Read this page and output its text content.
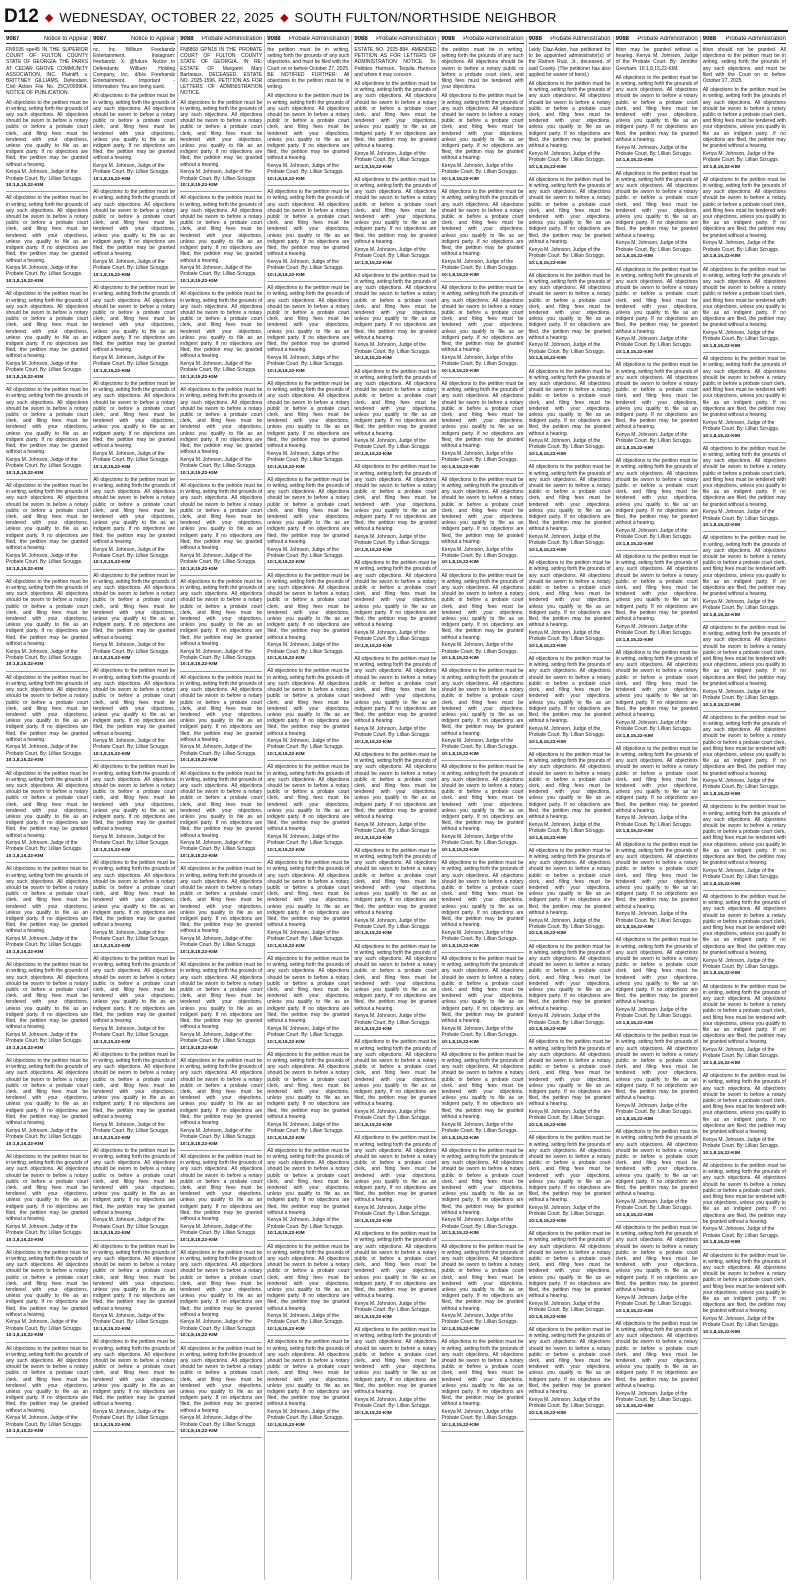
D12 ◆ WEDNESDAY, OCTOBER 22, 2025 ◆ SOUTH FULTON/NORTHSIDE NEIGHBOR
9087	Notice to Appear

FN9195 spe45 IN THE SUPERIOR COURT OF FULTON COUNTY STATE OF GEORGIA. THE PARKS AT CEDAR GROVE COMMUNITY ASSOCIATION, INC. Plaintiff, v. BRITTNEY GILLIAMS, Defendant. Civil Action File No. 25CV009904. NOTICE OF PUBLICATION.

All objections to the petition must be in writing, setting forth the grounds of any such objections. All objections should be sworn to before a notary public or before a probate court clerk, and filing fees must be tendered with your objections, unless you qualify to file as an indigent party. If no objections are filed, the petition may be granted without a hearing.

Kenya M. Johnson, Judge of the Probate Court. By: Lillian Scruggs.

10:1,8,15,22-KIM

All objections to the petition must be in writing, setting forth the grounds of any such objections. All objections should be sworn to before a notary public or before a probate court clerk, and filing fees must be tendered with your objections, unless you qualify to file as an indigent party. If no objections are filed, the petition may be granted without a hearing.

Kenya M. Johnson, Judge of the Probate Court. By: Lillian Scruggs.

10:1,8,15,22-KIM

All objections to the petition must be in writing, setting forth the grounds of any such objections. All objections should be sworn to before a notary public or before a probate court clerk, and filing fees must be tendered with your objections, unless you qualify to file as an indigent party. If no objections are filed, the petition may be granted without a hearing.

Kenya M. Johnson, Judge of the Probate Court. By: Lillian Scruggs.

10:1,8,15,22-KIM

All objections to the petition must be in writing, setting forth the grounds of any such objections. All objections should be sworn to before a notary public or before a probate court clerk, and filing fees must be tendered with your objections, unless you qualify to file as an indigent party. If no objections are filed, the petition may be granted without a hearing.

Kenya M. Johnson, Judge of the Probate Court. By: Lillian Scruggs.

10:1,8,15,22-KIM

All objections to the petition must be in writing, setting forth the grounds of any such objections. All objections should be sworn to before a notary public or before a probate court clerk, and filing fees must be tendered with your objections, unless you qualify to file as an indigent party. If no objections are filed, the petition may be granted without a hearing.

Kenya M. Johnson, Judge of the Probate Court. By: Lillian Scruggs.

10:1,8,15,22-KIM

All objections to the petition must be in writing, setting forth the grounds of any such objections. All objections should be sworn to before a notary public or before a probate court clerk, and filing fees must be tendered with your objections, unless you qualify to file as an indigent party. If no objections are filed, the petition may be granted without a hearing.

Kenya M. Johnson, Judge of the Probate Court. By: Lillian Scruggs.

10:1,8,15,22-KIM

All objections to the petition must be in writing, setting forth the grounds of any such objections. All objections should be sworn to before a notary public or before a probate court clerk, and filing fees must be tendered with your objections, unless you qualify to file as an indigent party. If no objections are filed, the petition may be granted without a hearing.

Kenya M. Johnson, Judge of the Probate Court. By: Lillian Scruggs.

10:1,8,15,22-KIM

All objections to the petition must be in writing, setting forth the grounds of any such objections. All objections should be sworn to before a notary public or before a probate court clerk, and filing fees must be tendered with your objections, unless you qualify to file as an indigent party. If no objections are filed, the petition may be granted without a hearing.

Kenya M. Johnson, Judge of the Probate Court. By: Lillian Scruggs.

10:1,8,15,22-KIM

All objections to the petition must be in writing, setting forth the grounds of any such objections. All objections should be sworn to before a notary public or before a probate court clerk, and filing fees must be tendered with your objections, unless you qualify to file as an indigent party. If no objections are filed, the petition may be granted without a hearing.

Kenya M. Johnson, Judge of the Probate Court. By: Lillian Scruggs.

10:1,8,15,22-KIM

All objections to the petition must be in writing, setting forth the grounds of any such objections. All objections should be sworn to before a notary public or before a probate court clerk, and filing fees must be tendered with your objections, unless you qualify to file as an indigent party. If no objections are filed, the petition may be granted without a hearing.

Kenya M. Johnson, Judge of the Probate Court. By: Lillian Scruggs.

10:1,8,15,22-KIM

All objections to the petition must be in writing, setting forth the grounds of any such objections. All objections should be sworn to before a notary public or before a probate court clerk, and filing fees must be tendered with your objections, unless you qualify to file as an indigent party. If no objections are filed, the petition may be granted without a hearing.

Kenya M. Johnson, Judge of the Probate Court. By: Lillian Scruggs.

10:1,8,15,22-KIM

All objections to the petition must be in writing, setting forth the grounds of any such objections. All objections should be sworn to before a notary public or before a probate court clerk, and filing fees must be tendered with your objections, unless you qualify to file as an indigent party. If no objections are filed, the petition may be granted without a hearing.

Kenya M. Johnson, Judge of the Probate Court. By: Lillian Scruggs.

10:1,8,15,22-KIM

All objections to the petition must be in writing, setting forth the grounds of any such objections. All objections should be sworn to before a notary public or before a probate court clerk, and filing fees must be tendered with your objections, unless you qualify to file as an indigent party. If no objections are filed, the petition may be granted without a hearing.

Kenya M. Johnson, Judge of the Probate Court. By: Lillian Scruggs.

10:1,8,15,22-KIM

All objections to the petition must be in writing, setting forth the grounds of any such objections. All objections should be sworn to before a notary public or before a probate court clerk, and filing fees must be tendered with your objections, unless you qualify to file as an indigent party. If no objections are filed, the petition may be granted without a hearing.

Kenya M. Johnson, Judge of the Probate Court. By: Lillian Scruggs.

10:1,8,15,22-KIM

9087	Notice to Appear

nc, Inc. Wilburn Freebandz Entertainment. Instagram: freebandz. X: @future. Notice to Defendants Wilburn Holding Company, Inc. d/b/a Freebandz Entertainment. Important - Information: You are being sued.

All objections to the petition must be in writing, setting forth the grounds of any such objections. All objections should be sworn to before a notary public or before a probate court clerk, and filing fees must be tendered with your objections, unless you qualify to file as an indigent party. If no objections are filed, the petition may be granted without a hearing.

Kenya M. Johnson, Judge of the Probate Court. By: Lillian Scruggs.

10:1,8,15,22-KIM

All objections to the petition must be in writing, setting forth the grounds of any such objections. All objections should be sworn to before a notary public or before a probate court clerk, and filing fees must be tendered with your objections, unless you qualify to file as an indigent party. If no objections are filed, the petition may be granted without a hearing.

Kenya M. Johnson, Judge of the Probate Court. By: Lillian Scruggs.

10:1,8,15,22-KIM

All objections to the petition must be in writing, setting forth the grounds of any such objections. All objections should be sworn to before a notary public or before a probate court clerk, and filing fees must be tendered with your objections, unless you qualify to file as an indigent party. If no objections are filed, the petition may be granted without a hearing.

Kenya M. Johnson, Judge of the Probate Court. By: Lillian Scruggs.

10:1,8,15,22-KIM

All objections to the petition must be in writing, setting forth the grounds of any such objections. All objections should be sworn to before a notary public or before a probate court clerk, and filing fees must be tendered with your objections, unless you qualify to file as an indigent party. If no objections are filed, the petition may be granted without a hearing.

Kenya M. Johnson, Judge of the Probate Court. By: Lillian Scruggs.

10:1,8,15,22-KIM

All objections to the petition must be in writing, setting forth the grounds of any such objections. All objections should be sworn to before a notary public or before a probate court clerk, and filing fees must be tendered with your objections, unless you qualify to file as an indigent party. If no objections are filed, the petition may be granted without a hearing.

Kenya M. Johnson, Judge of the Probate Court. By: Lillian Scruggs.

10:1,8,15,22-KIM

All objections to the petition must be in writing, setting forth the grounds of any such objections. All objections should be sworn to before a notary public or before a probate court clerk, and filing fees must be tendered with your objections, unless you qualify to file as an indigent party. If no objections are filed, the petition may be granted without a hearing.

Kenya M. Johnson, Judge of the Probate Court. By: Lillian Scruggs.

10:1,8,15,22-KIM

All objections to the petition must be in writing, setting forth the grounds of any such objections. All objections should be sworn to before a notary public or before a probate court clerk, and filing fees must be tendered with your objections, unless you qualify to file as an indigent party. If no objections are filed, the petition may be granted without a hearing.

Kenya M. Johnson, Judge of the Probate Court. By: Lillian Scruggs.

10:1,8,15,22-KIM

All objections to the petition must be in writing, setting forth the grounds of any such objections. All objections should be sworn to before a notary public or before a probate court clerk, and filing fees must be tendered with your objections, unless you qualify to file as an indigent party. If no objections are filed, the petition may be granted without a hearing.

Kenya M. Johnson, Judge of the Probate Court. By: Lillian Scruggs.

10:1,8,15,22-KIM

All objections to the petition must be in writing, setting forth the grounds of any such objections. All objections should be sworn to before a notary public or before a probate court clerk, and filing fees must be tendered with your objections, unless you qualify to file as an indigent party. If no objections are filed, the petition may be granted without a hearing.

Kenya M. Johnson, Judge of the Probate Court. By: Lillian Scruggs.

10:1,8,15,22-KIM

All objections to the petition must be in writing, setting forth the grounds of any such objections. All objections should be sworn to before a notary public or before a probate court clerk, and filing fees must be tendered with your objections, unless you qualify to file as an indigent party. If no objections are filed, the petition may be granted without a hearing.

Kenya M. Johnson, Judge of the Probate Court. By: Lillian Scruggs.

10:1,8,15,22-KIM

All objections to the petition must be in writing, setting forth the grounds of any such objections. All objections should be sworn to before a notary public or before a probate court clerk, and filing fees must be tendered with your objections, unless you qualify to file as an indigent party. If no objections are filed, the petition may be granted without a hearing.

Kenya M. Johnson, Judge of the Probate Court. By: Lillian Scruggs.

10:1,8,15,22-KIM

All objections to the petition must be in writing, setting forth the grounds of any such objections. All objections should be sworn to before a notary public or before a probate court clerk, and filing fees must be tendered with your objections, unless you qualify to file as an indigent party. If no objections are filed, the petition may be granted without a hearing.

Kenya M. Johnson, Judge of the Probate Court. By: Lillian Scruggs.

10:1,8,15,22-KIM

All objections to the petition must be in writing, setting forth the grounds of any such objections. All objections should be sworn to before a notary public or before a probate court clerk, and filing fees must be tendered with your objections, unless you qualify to file as an indigent party. If no objections are filed, the petition may be granted without a hearing.

Kenya M. Johnson, Judge of the Probate Court. By: Lillian Scruggs.

10:1,8,15,22-KIM

All objections to the petition must be in writing, setting forth the grounds of any such objections. All objections should be sworn to before a notary public or before a probate court clerk, and filing fees must be tendered with your objections, unless you qualify to file as an indigent party. If no objections are filed, the petition may be granted without a hearing.

Kenya M. Johnson, Judge of the Probate Court. By: Lillian Scruggs.

10:1,8,15,22-KIM

9088 Probate Administration

FN8868 GPN18 IN THE PROBATE COURT OF FULTON COUNTY STATE OF GEORGIA. IN RE: ESTATE OF Margaret Mary Barbeaux, DECEASED. ESTATE NO. 2025-1596. PETITION AS FOR LETTERS OF ADMINISTRATION NOTICE.

All objections to the petition must be in writing, setting forth the grounds of any such objections. All objections should be sworn to before a notary public or before a probate court clerk, and filing fees must be tendered with your objections, unless you qualify to file as an indigent party. If no objections are filed, the petition may be granted without a hearing.

Kenya M. Johnson, Judge of the Probate Court. By: Lillian Scruggs.

10:1,8,15,22-KIM

All objections to the petition must be in writing, setting forth the grounds of any such objections. All objections should be sworn to before a notary public or before a probate court clerk, and filing fees must be tendered with your objections, unless you qualify to file as an indigent party. If no objections are filed, the petition may be granted without a hearing.

Kenya M. Johnson, Judge of the Probate Court. By: Lillian Scruggs.

10:1,8,15,22-KIM

All objections to the petition must be in writing, setting forth the grounds of any such objections. All objections should be sworn to before a notary public or before a probate court clerk, and filing fees must be tendered with your objections, unless you qualify to file as an indigent party. If no objections are filed, the petition may be granted without a hearing.

Kenya M. Johnson, Judge of the Probate Court. By: Lillian Scruggs.

10:1,8,15,22-KIM

All objections to the petition must be in writing, setting forth the grounds of any such objections. All objections should be sworn to before a notary public or before a probate court clerk, and filing fees must be tendered with your objections, unless you qualify to file as an indigent party. If no objections are filed, the petition may be granted without a hearing.

Kenya M. Johnson, Judge of the Probate Court. By: Lillian Scruggs.

10:1,8,15,22-KIM

All objections to the petition must be in writing, setting forth the grounds of any such objections. All objections should be sworn to before a notary public or before a probate court clerk, and filing fees must be tendered with your objections, unless you qualify to file as an indigent party. If no objections are filed, the petition may be granted without a hearing.

Kenya M. Johnson, Judge of the Probate Court. By: Lillian Scruggs.

10:1,8,15,22-KIM

All objections to the petition must be in writing, setting forth the grounds of any such objections. All objections should be sworn to before a notary public or before a probate court clerk, and filing fees must be tendered with your objections, unless you qualify to file as an indigent party. If no objections are filed, the petition may be granted without a hearing.

Kenya M. Johnson, Judge of the Probate Court. By: Lillian Scruggs.

10:1,8,15,22-KIM

All objections to the petition must be in writing, setting forth the grounds of any such objections. All objections should be sworn to before a notary public or before a probate court clerk, and filing fees must be tendered with your objections, unless you qualify to file as an indigent party. If no objections are filed, the petition may be granted without a hearing.

Kenya M. Johnson, Judge of the Probate Court. By: Lillian Scruggs.

10:1,8,15,22-KIM

All objections to the petition must be in writing, setting forth the grounds of any such objections. All objections should be sworn to before a notary public or before a probate court clerk, and filing fees must be tendered with your objections, unless you qualify to file as an indigent party. If no objections are filed, the petition may be granted without a hearing.

Kenya M. Johnson, Judge of the Probate Court. By: Lillian Scruggs.

10:1,8,15,22-KIM

All objections to the petition must be in writing, setting forth the grounds of any such objections. All objections should be sworn to before a notary public or before a probate court clerk, and filing fees must be tendered with your objections, unless you qualify to file as an indigent party. If no objections are filed, the petition may be granted without a hearing.

Kenya M. Johnson, Judge of the Probate Court. By: Lillian Scruggs.

10:1,8,15,22-KIM

All objections to the petition must be in writing, setting forth the grounds of any such objections. All objections should be sworn to before a notary public or before a probate court clerk, and filing fees must be tendered with your objections, unless you qualify to file as an indigent party. If no objections are filed, the petition may be granted without a hearing.

Kenya M. Johnson, Judge of the Probate Court. By: Lillian Scruggs.

10:1,8,15,22-KIM

All objections to the petition must be in writing, setting forth the grounds of any such objections. All objections should be sworn to before a notary public or before a probate court clerk, and filing fees must be tendered with your objections, unless you qualify to file as an indigent party. If no objections are filed, the petition may be granted without a hearing.

Kenya M. Johnson, Judge of the Probate Court. By: Lillian Scruggs.

10:1,8,15,22-KIM

All objections to the petition must be in writing, setting forth the grounds of any such objections. All objections should be sworn to before a notary public or before a probate court clerk, and filing fees must be tendered with your objections, unless you qualify to file as an indigent party. If no objections are filed, the petition may be granted without a hearing.

Kenya M. Johnson, Judge of the Probate Court. By: Lillian Scruggs.

10:1,8,15,22-KIM

All objections to the petition must be in writing, setting forth the grounds of any such objections. All objections should be sworn to before a notary public or before a probate court clerk, and filing fees must be tendered with your objections, unless you qualify to file as an indigent party. If no objections are filed, the petition may be granted without a hearing.

Kenya M. Johnson, Judge of the Probate Court. By: Lillian Scruggs.

10:1,8,15,22-KIM

All objections to the petition must be in writing, setting forth the grounds of any such objections. All objections should be sworn to before a notary public or before a probate court clerk, and filing fees must be tendered with your objections, unless you qualify to file as an indigent party. If no objections are filed, the petition may be granted without a hearing.

Kenya M. Johnson, Judge of the Probate Court. By: Lillian Scruggs.

10:1,8,15,22-KIM

9088 Probate Administration

the petition must be in writing, setting forth the grounds of any such objections, and must be filed with the Court on or before October 27, 2025. BE NOTIFIED FURTHER: All objections to the petition must be in writing.

All objections to the petition must be in writing, setting forth the grounds of any such objections. All objections should be sworn to before a notary public or before a probate court clerk, and filing fees must be tendered with your objections, unless you qualify to file as an indigent party. If no objections are filed, the petition may be granted without a hearing.

Kenya M. Johnson, Judge of the Probate Court. By: Lillian Scruggs.

10:1,8,15,22-KIM

All objections to the petition must be in writing, setting forth the grounds of any such objections. All objections should be sworn to before a notary public or before a probate court clerk, and filing fees must be tendered with your objections, unless you qualify to file as an indigent party. If no objections are filed, the petition may be granted without a hearing.

Kenya M. Johnson, Judge of the Probate Court. By: Lillian Scruggs.

10:1,8,15,22-KIM

All objections to the petition must be in writing, setting forth the grounds of any such objections. All objections should be sworn to before a notary public or before a probate court clerk, and filing fees must be tendered with your objections, unless you qualify to file as an indigent party. If no objections are filed, the petition may be granted without a hearing.

Kenya M. Johnson, Judge of the Probate Court. By: Lillian Scruggs.

10:1,8,15,22-KIM

All objections to the petition must be in writing, setting forth the grounds of any such objections. All objections should be sworn to before a notary public or before a probate court clerk, and filing fees must be tendered with your objections, unless you qualify to file as an indigent party. If no objections are filed, the petition may be granted without a hearing.

Kenya M. Johnson, Judge of the Probate Court. By: Lillian Scruggs.

10:1,8,15,22-KIM

All objections to the petition must be in writing, setting forth the grounds of any such objections. All objections should be sworn to before a notary public or before a probate court clerk, and filing fees must be tendered with your objections, unless you qualify to file as an indigent party. If no objections are filed, the petition may be granted without a hearing.

Kenya M. Johnson, Judge of the Probate Court. By: Lillian Scruggs.

10:1,8,15,22-KIM

All objections to the petition must be in writing, setting forth the grounds of any such objections. All objections should be sworn to before a notary public or before a probate court clerk, and filing fees must be tendered with your objections, unless you qualify to file as an indigent party. If no objections are filed, the petition may be granted without a hearing.

Kenya M. Johnson, Judge of the Probate Court. By: Lillian Scruggs.

10:1,8,15,22-KIM

All objections to the petition must be in writing, setting forth the grounds of any such objections. All objections should be sworn to before a notary public or before a probate court clerk, and filing fees must be tendered with your objections, unless you qualify to file as an indigent party. If no objections are filed, the petition may be granted without a hearing.

Kenya M. Johnson, Judge of the Probate Court. By: Lillian Scruggs.

10:1,8,15,22-KIM

All objections to the petition must be in writing, setting forth the grounds of any such objections. All objections should be sworn to before a notary public or before a probate court clerk, and filing fees must be tendered with your objections, unless you qualify to file as an indigent party. If no objections are filed, the petition may be granted without a hearing.

Kenya M. Johnson, Judge of the Probate Court. By: Lillian Scruggs.

10:1,8,15,22-KIM

All objections to the petition must be in writing, setting forth the grounds of any such objections. All objections should be sworn to before a notary public or before a probate court clerk, and filing fees must be tendered with your objections, unless you qualify to file as an indigent party. If no objections are filed, the petition may be granted without a hearing.

Kenya M. Johnson, Judge of the Probate Court. By: Lillian Scruggs.

10:1,8,15,22-KIM

All objections to the petition must be in writing, setting forth the grounds of any such objections. All objections should be sworn to before a notary public or before a probate court clerk, and filing fees must be tendered with your objections, unless you qualify to file as an indigent party. If no objections are filed, the petition may be granted without a hearing.

Kenya M. Johnson, Judge of the Probate Court. By: Lillian Scruggs.

10:1,8,15,22-KIM

All objections to the petition must be in writing, setting forth the grounds of any such objections. All objections should be sworn to before a notary public or before a probate court clerk, and filing fees must be tendered with your objections, unless you qualify to file as an indigent party. If no objections are filed, the petition may be granted without a hearing.

Kenya M. Johnson, Judge of the Probate Court. By: Lillian Scruggs.

10:1,8,15,22-KIM

All objections to the petition must be in writing, setting forth the grounds of any such objections. All objections should be sworn to before a notary public or before a probate court clerk, and filing fees must be tendered with your objections, unless you qualify to file as an indigent party. If no objections are filed, the petition may be granted without a hearing.

Kenya M. Johnson, Judge of the Probate Court. By: Lillian Scruggs.

10:1,8,15,22-KIM

All objections to the petition must be in writing, setting forth the grounds of any such objections. All objections should be sworn to before a notary public or before a probate court clerk, and filing fees must be tendered with your objections, unless you qualify to file as an indigent party. If no objections are filed, the petition may be granted without a hearing.

Kenya M. Johnson, Judge of the Probate Court. By: Lillian Scruggs.

10:1,8,15,22-KIM

All objections to the petition must be in writing, setting forth the grounds of any such objections. All objections should be sworn to before a notary public or before a probate court clerk, and filing fees must be tendered with your objections, unless you qualify to file as an indigent party. If no objections are filed, the petition may be granted without a hearing.

Kenya M. Johnson, Judge of the Probate Court. By: Lillian Scruggs.

10:1,8,15,22-KIM

9088 Probate Administration

ESTATE NO. 2025-884. AMENDED PETITION AS FOR LETTERS OF ADMINISTRATION NOTICE. To: Pebbles Harrison, Tequila Harrison and whom it may concern.

All objections to the petition must be in writing, setting forth the grounds of any such objections. All objections should be sworn to before a notary public or before a probate court clerk, and filing fees must be tendered with your objections, unless you qualify to file as an indigent party. If no objections are filed, the petition may be granted without a hearing.

Kenya M. Johnson, Judge of the Probate Court. By: Lillian Scruggs.

10:1,8,15,22-KIM

All objections to the petition must be in writing, setting forth the grounds of any such objections. All objections should be sworn to before a notary public or before a probate court clerk, and filing fees must be tendered with your objections, unless you qualify to file as an indigent party. If no objections are filed, the petition may be granted without a hearing.

Kenya M. Johnson, Judge of the Probate Court. By: Lillian Scruggs.

10:1,8,15,22-KIM

All objections to the petition must be in writing, setting forth the grounds of any such objections. All objections should be sworn to before a notary public or before a probate court clerk, and filing fees must be tendered with your objections, unless you qualify to file as an indigent party. If no objections are filed, the petition may be granted without a hearing.

Kenya M. Johnson, Judge of the Probate Court. By: Lillian Scruggs.

10:1,8,15,22-KIM

All objections to the petition must be in writing, setting forth the grounds of any such objections. All objections should be sworn to before a notary public or before a probate court clerk, and filing fees must be tendered with your objections, unless you qualify to file as an indigent party. If no objections are filed, the petition may be granted without a hearing.

Kenya M. Johnson, Judge of the Probate Court. By: Lillian Scruggs.

10:1,8,15,22-KIM

All objections to the petition must be in writing, setting forth the grounds of any such objections. All objections should be sworn to before a notary public or before a probate court clerk, and filing fees must be tendered with your objections, unless you qualify to file as an indigent party. If no objections are filed, the petition may be granted without a hearing.

Kenya M. Johnson, Judge of the Probate Court. By: Lillian Scruggs.

10:1,8,15,22-KIM

All objections to the petition must be in writing, setting forth the grounds of any such objections. All objections should be sworn to before a notary public or before a probate court clerk, and filing fees must be tendered with your objections, unless you qualify to file as an indigent party. If no objections are filed, the petition may be granted without a hearing.

Kenya M. Johnson, Judge of the Probate Court. By: Lillian Scruggs.

10:1,8,15,22-KIM

All objections to the petition must be in writing, setting forth the grounds of any such objections. All objections should be sworn to before a notary public or before a probate court clerk, and filing fees must be tendered with your objections, unless you qualify to file as an indigent party. If no objections are filed, the petition may be granted without a hearing.

Kenya M. Johnson, Judge of the Probate Court. By: Lillian Scruggs.

10:1,8,15,22-KIM

All objections to the petition must be in writing, setting forth the grounds of any such objections. All objections should be sworn to before a notary public or before a probate court clerk, and filing fees must be tendered with your objections, unless you qualify to file as an indigent party. If no objections are filed, the petition may be granted without a hearing.

Kenya M. Johnson, Judge of the Probate Court. By: Lillian Scruggs.

10:1,8,15,22-KIM

All objections to the petition must be in writing, setting forth the grounds of any such objections. All objections should be sworn to before a notary public or before a probate court clerk, and filing fees must be tendered with your objections, unless you qualify to file as an indigent party. If no objections are filed, the petition may be granted without a hearing.

Kenya M. Johnson, Judge of the Probate Court. By: Lillian Scruggs.

10:1,8,15,22-KIM

All objections to the petition must be in writing, setting forth the grounds of any such objections. All objections should be sworn to before a notary public or before a probate court clerk, and filing fees must be tendered with your objections, unless you qualify to file as an indigent party. If no objections are filed, the petition may be granted without a hearing.

Kenya M. Johnson, Judge of the Probate Court. By: Lillian Scruggs.

10:1,8,15,22-KIM

All objections to the petition must be in writing, setting forth the grounds of any such objections. All objections should be sworn to before a notary public or before a probate court clerk, and filing fees must be tendered with your objections, unless you qualify to file as an indigent party. If no objections are filed, the petition may be granted without a hearing.

Kenya M. Johnson, Judge of the Probate Court. By: Lillian Scruggs.

10:1,8,15,22-KIM

All objections to the petition must be in writing, setting forth the grounds of any such objections. All objections should be sworn to before a notary public or before a probate court clerk, and filing fees must be tendered with your objections, unless you qualify to file as an indigent party. If no objections are filed, the petition may be granted without a hearing.

Kenya M. Johnson, Judge of the Probate Court. By: Lillian Scruggs.

10:1,8,15,22-KIM

All objections to the petition must be in writing, setting forth the grounds of any such objections. All objections should be sworn to before a notary public or before a probate court clerk, and filing fees must be tendered with your objections, unless you qualify to file as an indigent party. If no objections are filed, the petition may be granted without a hearing.

Kenya M. Johnson, Judge of the Probate Court. By: Lillian Scruggs.

10:1,8,15,22-KIM

All objections to the petition must be in writing, setting forth the grounds of any such objections. All objections should be sworn to before a notary public or before a probate court clerk, and filing fees must be tendered with your objections, unless you qualify to file as an indigent party. If no objections are filed, the petition may be granted without a hearing.

Kenya M. Johnson, Judge of the Probate Court. By: Lillian Scruggs.

10:1,8,15,22-KIM

9088 Probate Administration

the petition must be in writing, setting forth the grounds of any such objections. All objections should be sworn to before a notary public or before a probate court clerk, and filing fees must be tendered with your objections.

All objections to the petition must be in writing, setting forth the grounds of any such objections. All objections should be sworn to before a notary public or before a probate court clerk, and filing fees must be tendered with your objections, unless you qualify to file as an indigent party. If no objections are filed, the petition may be granted without a hearing.

Kenya M. Johnson, Judge of the Probate Court. By: Lillian Scruggs.

10:1,8,15,22-KIM

All objections to the petition must be in writing, setting forth the grounds of any such objections. All objections should be sworn to before a notary public or before a probate court clerk, and filing fees must be tendered with your objections, unless you qualify to file as an indigent party. If no objections are filed, the petition may be granted without a hearing.

Kenya M. Johnson, Judge of the Probate Court. By: Lillian Scruggs.

10:1,8,15,22-KIM

All objections to the petition must be in writing, setting forth the grounds of any such objections. All objections should be sworn to before a notary public or before a probate court clerk, and filing fees must be tendered with your objections, unless you qualify to file as an indigent party. If no objections are filed, the petition may be granted without a hearing.

Kenya M. Johnson, Judge of the Probate Court. By: Lillian Scruggs.

10:1,8,15,22-KIM

All objections to the petition must be in writing, setting forth the grounds of any such objections. All objections should be sworn to before a notary public or before a probate court clerk, and filing fees must be tendered with your objections, unless you qualify to file as an indigent party. If no objections are filed, the petition may be granted without a hearing.

Kenya M. Johnson, Judge of the Probate Court. By: Lillian Scruggs.

10:1,8,15,22-KIM

All objections to the petition must be in writing, setting forth the grounds of any such objections. All objections should be sworn to before a notary public or before a probate court clerk, and filing fees must be tendered with your objections, unless you qualify to file as an indigent party. If no objections are filed, the petition may be granted without a hearing.

Kenya M. Johnson, Judge of the Probate Court. By: Lillian Scruggs.

10:1,8,15,22-KIM

All objections to the petition must be in writing, setting forth the grounds of any such objections. All objections should be sworn to before a notary public or before a probate court clerk, and filing fees must be tendered with your objections, unless you qualify to file as an indigent party. If no objections are filed, the petition may be granted without a hearing.

Kenya M. Johnson, Judge of the Probate Court. By: Lillian Scruggs.

10:1,8,15,22-KIM

All objections to the petition must be in writing, setting forth the grounds of any such objections. All objections should be sworn to before a notary public or before a probate court clerk, and filing fees must be tendered with your objections, unless you qualify to file as an indigent party. If no objections are filed, the petition may be granted without a hearing.

Kenya M. Johnson, Judge of the Probate Court. By: Lillian Scruggs.

10:1,8,15,22-KIM

All objections to the petition must be in writing, setting forth the grounds of any such objections. All objections should be sworn to before a notary public or before a probate court clerk, and filing fees must be tendered with your objections, unless you qualify to file as an indigent party. If no objections are filed, the petition may be granted without a hearing.

Kenya M. Johnson, Judge of the Probate Court. By: Lillian Scruggs.

10:1,8,15,22-KIM

All objections to the petition must be in writing, setting forth the grounds of any such objections. All objections should be sworn to before a notary public or before a probate court clerk, and filing fees must be tendered with your objections, unless you qualify to file as an indigent party. If no objections are filed, the petition may be granted without a hearing.

Kenya M. Johnson, Judge of the Probate Court. By: Lillian Scruggs.

10:1,8,15,22-KIM

All objections to the petition must be in writing, setting forth the grounds of any such objections. All objections should be sworn to before a notary public or before a probate court clerk, and filing fees must be tendered with your objections, unless you qualify to file as an indigent party. If no objections are filed, the petition may be granted without a hearing.

Kenya M. Johnson, Judge of the Probate Court. By: Lillian Scruggs.

10:1,8,15,22-KIM

All objections to the petition must be in writing, setting forth the grounds of any such objections. All objections should be sworn to before a notary public or before a probate court clerk, and filing fees must be tendered with your objections, unless you qualify to file as an indigent party. If no objections are filed, the petition may be granted without a hearing.

Kenya M. Johnson, Judge of the Probate Court. By: Lillian Scruggs.

10:1,8,15,22-KIM

All objections to the petition must be in writing, setting forth the grounds of any such objections. All objections should be sworn to before a notary public or before a probate court clerk, and filing fees must be tendered with your objections, unless you qualify to file as an indigent party. If no objections are filed, the petition may be granted without a hearing.

Kenya M. Johnson, Judge of the Probate Court. By: Lillian Scruggs.

10:1,8,15,22-KIM

All objections to the petition must be in writing, setting forth the grounds of any such objections. All objections should be sworn to before a notary public or before a probate court clerk, and filing fees must be tendered with your objections, unless you qualify to file as an indigent party. If no objections are filed, the petition may be granted without a hearing.

Kenya M. Johnson, Judge of the Probate Court. By: Lillian Scruggs.

10:1,8,15,22-KIM

All objections to the petition must be in writing, setting forth the grounds of any such objections. All objections should be sworn to before a notary public or before a probate court clerk, and filing fees must be tendered with your objections, unless you qualify to file as an indigent party. If no objections are filed, the petition may be granted without a hearing.

Kenya M. Johnson, Judge of the Probate Court. By: Lillian Scruggs.

10:1,8,15,22-KIM

9088 Probate Administration

Leidy Diaz-Adan, has petitioned for to be appointed administrator(s) of the Ramon Ruiz, Jr., deceased, of said County. (The petitioner has also applied for waiver of bond.)

All objections to the petition must be in writing, setting forth the grounds of any such objections. All objections should be sworn to before a notary public or before a probate court clerk, and filing fees must be tendered with your objections, unless you qualify to file as an indigent party. If no objections are filed, the petition may be granted without a hearing.

Kenya M. Johnson, Judge of the Probate Court. By: Lillian Scruggs.

10:1,8,15,22-KIM

All objections to the petition must be in writing, setting forth the grounds of any such objections. All objections should be sworn to before a notary public or before a probate court clerk, and filing fees must be tendered with your objections, unless you qualify to file as an indigent party. If no objections are filed, the petition may be granted without a hearing.

Kenya M. Johnson, Judge of the Probate Court. By: Lillian Scruggs.

10:1,8,15,22-KIM

All objections to the petition must be in writing, setting forth the grounds of any such objections. All objections should be sworn to before a notary public or before a probate court clerk, and filing fees must be tendered with your objections, unless you qualify to file as an indigent party. If no objections are filed, the petition may be granted without a hearing.

Kenya M. Johnson, Judge of the Probate Court. By: Lillian Scruggs.

10:1,8,15,22-KIM

All objections to the petition must be in writing, setting forth the grounds of any such objections. All objections should be sworn to before a notary public or before a probate court clerk, and filing fees must be tendered with your objections, unless you qualify to file as an indigent party. If no objections are filed, the petition may be granted without a hearing.

Kenya M. Johnson, Judge of the Probate Court. By: Lillian Scruggs.

10:1,8,15,22-KIM

All objections to the petition must be in writing, setting forth the grounds of any such objections. All objections should be sworn to before a notary public or before a probate court clerk, and filing fees must be tendered with your objections, unless you qualify to file as an indigent party. If no objections are filed, the petition may be granted without a hearing.

Kenya M. Johnson, Judge of the Probate Court. By: Lillian Scruggs.

10:1,8,15,22-KIM

All objections to the petition must be in writing, setting forth the grounds of any such objections. All objections should be sworn to before a notary public or before a probate court clerk, and filing fees must be tendered with your objections, unless you qualify to file as an indigent party. If no objections are filed, the petition may be granted without a hearing.

Kenya M. Johnson, Judge of the Probate Court. By: Lillian Scruggs.

10:1,8,15,22-KIM

All objections to the petition must be in writing, setting forth the grounds of any such objections. All objections should be sworn to before a notary public or before a probate court clerk, and filing fees must be tendered with your objections, unless you qualify to file as an indigent party. If no objections are filed, the petition may be granted without a hearing.

Kenya M. Johnson, Judge of the Probate Court. By: Lillian Scruggs.

10:1,8,15,22-KIM

All objections to the petition must be in writing, setting forth the grounds of any such objections. All objections should be sworn to before a notary public or before a probate court clerk, and filing fees must be tendered with your objections, unless you qualify to file as an indigent party. If no objections are filed, the petition may be granted without a hearing.

Kenya M. Johnson, Judge of the Probate Court. By: Lillian Scruggs.

10:1,8,15,22-KIM

All objections to the petition must be in writing, setting forth the grounds of any such objections. All objections should be sworn to before a notary public or before a probate court clerk, and filing fees must be tendered with your objections, unless you qualify to file as an indigent party. If no objections are filed, the petition may be granted without a hearing.

Kenya M. Johnson, Judge of the Probate Court. By: Lillian Scruggs.

10:1,8,15,22-KIM

All objections to the petition must be in writing, setting forth the grounds of any such objections. All objections should be sworn to before a notary public or before a probate court clerk, and filing fees must be tendered with your objections, unless you qualify to file as an indigent party. If no objections are filed, the petition may be granted without a hearing.

Kenya M. Johnson, Judge of the Probate Court. By: Lillian Scruggs.

10:1,8,15,22-KIM

All objections to the petition must be in writing, setting forth the grounds of any such objections. All objections should be sworn to before a notary public or before a probate court clerk, and filing fees must be tendered with your objections, unless you qualify to file as an indigent party. If no objections are filed, the petition may be granted without a hearing.

Kenya M. Johnson, Judge of the Probate Court. By: Lillian Scruggs.

10:1,8,15,22-KIM

All objections to the petition must be in writing, setting forth the grounds of any such objections. All objections should be sworn to before a notary public or before a probate court clerk, and filing fees must be tendered with your objections, unless you qualify to file as an indigent party. If no objections are filed, the petition may be granted without a hearing.

Kenya M. Johnson, Judge of the Probate Court. By: Lillian Scruggs.

10:1,8,15,22-KIM

All objections to the petition must be in writing, setting forth the grounds of any such objections. All objections should be sworn to before a notary public or before a probate court clerk, and filing fees must be tendered with your objections, unless you qualify to file as an indigent party. If no objections are filed, the petition may be granted without a hearing.

Kenya M. Johnson, Judge of the Probate Court. By: Lillian Scruggs.

10:1,8,15,22-KIM

All objections to the petition must be in writing, setting forth the grounds of any such objections. All objections should be sworn to before a notary public or before a probate court clerk, and filing fees must be tendered with your objections, unless you qualify to file as an indigent party. If no objections are filed, the petition may be granted without a hearing.

Kenya M. Johnson, Judge of the Probate Court. By: Lillian Scruggs.

10:1,8,15,22-KIM

9088 Probate Administration

tition may be granted without a hearing. Kenya M. Johnson, Judge of the Probate Court. By: Jennifer Gresham. 10:1,8,15,22-KIM.

All objections to the petition must be in writing, setting forth the grounds of any such objections. All objections should be sworn to before a notary public or before a probate court clerk, and filing fees must be tendered with your objections, unless you qualify to file as an indigent party. If no objections are filed, the petition may be granted without a hearing.

Kenya M. Johnson, Judge of the Probate Court. By: Lillian Scruggs.

10:1,8,15,22-KIM

All objections to the petition must be in writing, setting forth the grounds of any such objections. All objections should be sworn to before a notary public or before a probate court clerk, and filing fees must be tendered with your objections, unless you qualify to file as an indigent party. If no objections are filed, the petition may be granted without a hearing.

Kenya M. Johnson, Judge of the Probate Court. By: Lillian Scruggs.

10:1,8,15,22-KIM

All objections to the petition must be in writing, setting forth the grounds of any such objections. All objections should be sworn to before a notary public or before a probate court clerk, and filing fees must be tendered with your objections, unless you qualify to file as an indigent party. If no objections are filed, the petition may be granted without a hearing.

Kenya M. Johnson, Judge of the Probate Court. By: Lillian Scruggs.

10:1,8,15,22-KIM

All objections to the petition must be in writing, setting forth the grounds of any such objections. All objections should be sworn to before a notary public or before a probate court clerk, and filing fees must be tendered with your objections, unless you qualify to file as an indigent party. If no objections are filed, the petition may be granted without a hearing.

Kenya M. Johnson, Judge of the Probate Court. By: Lillian Scruggs.

10:1,8,15,22-KIM

All objections to the petition must be in writing, setting forth the grounds of any such objections. All objections should be sworn to before a notary public or before a probate court clerk, and filing fees must be tendered with your objections, unless you qualify to file as an indigent party. If no objections are filed, the petition may be granted without a hearing.

Kenya M. Johnson, Judge of the Probate Court. By: Lillian Scruggs.

10:1,8,15,22-KIM

All objections to the petition must be in writing, setting forth the grounds of any such objections. All objections should be sworn to before a notary public or before a probate court clerk, and filing fees must be tendered with your objections, unless you qualify to file as an indigent party. If no objections are filed, the petition may be granted without a hearing.

Kenya M. Johnson, Judge of the Probate Court. By: Lillian Scruggs.

10:1,8,15,22-KIM

All objections to the petition must be in writing, setting forth the grounds of any such objections. All objections should be sworn to before a notary public or before a probate court clerk, and filing fees must be tendered with your objections, unless you qualify to file as an indigent party. If no objections are filed, the petition may be granted without a hearing.

Kenya M. Johnson, Judge of the Probate Court. By: Lillian Scruggs.

10:1,8,15,22-KIM

All objections to the petition must be in writing, setting forth the grounds of any such objections. All objections should be sworn to before a notary public or before a probate court clerk, and filing fees must be tendered with your objections, unless you qualify to file as an indigent party. If no objections are filed, the petition may be granted without a hearing.

Kenya M. Johnson, Judge of the Probate Court. By: Lillian Scruggs.

10:1,8,15,22-KIM

All objections to the petition must be in writing, setting forth the grounds of any such objections. All objections should be sworn to before a notary public or before a probate court clerk, and filing fees must be tendered with your objections, unless you qualify to file as an indigent party. If no objections are filed, the petition may be granted without a hearing.

Kenya M. Johnson, Judge of the Probate Court. By: Lillian Scruggs.

10:1,8,15,22-KIM

All objections to the petition must be in writing, setting forth the grounds of any such objections. All objections should be sworn to before a notary public or before a probate court clerk, and filing fees must be tendered with your objections, unless you qualify to file as an indigent party. If no objections are filed, the petition may be granted without a hearing.

Kenya M. Johnson, Judge of the Probate Court. By: Lillian Scruggs.

10:1,8,15,22-KIM

All objections to the petition must be in writing, setting forth the grounds of any such objections. All objections should be sworn to before a notary public or before a probate court clerk, and filing fees must be tendered with your objections, unless you qualify to file as an indigent party. If no objections are filed, the petition may be granted without a hearing.

Kenya M. Johnson, Judge of the Probate Court. By: Lillian Scruggs.

10:1,8,15,22-KIM

All objections to the petition must be in writing, setting forth the grounds of any such objections. All objections should be sworn to before a notary public or before a probate court clerk, and filing fees must be tendered with your objections, unless you qualify to file as an indigent party. If no objections are filed, the petition may be granted without a hearing.

Kenya M. Johnson, Judge of the Probate Court. By: Lillian Scruggs.

10:1,8,15,22-KIM

All objections to the petition must be in writing, setting forth the grounds of any such objections. All objections should be sworn to before a notary public or before a probate court clerk, and filing fees must be tendered with your objections, unless you qualify to file as an indigent party. If no objections are filed, the petition may be granted without a hearing.

Kenya M. Johnson, Judge of the Probate Court. By: Lillian Scruggs.

10:1,8,15,22-KIM

All objections to the petition must be in writing, setting forth the grounds of any such objections. All objections should be sworn to before a notary public or before a probate court clerk, and filing fees must be tendered with your objections, unless you qualify to file as an indigent party. If no objections are filed, the petition may be granted without a hearing.

Kenya M. Johnson, Judge of the Probate Court. By: Lillian Scruggs.

10:1,8,15,22-KIM

9088 Probate Administration

tition should not be granted. All objections to the petition must be in writing, setting forth the grounds of any such objections, and must be filed with the Court on or before October 27, 2025.

All objections to the petition must be in writing, setting forth the grounds of any such objections. All objections should be sworn to before a notary public or before a probate court clerk, and filing fees must be tendered with your objections, unless you qualify to file as an indigent party. If no objections are filed, the petition may be granted without a hearing.

Kenya M. Johnson, Judge of the Probate Court. By: Lillian Scruggs.

10:1,8,15,22-KIM

All objections to the petition must be in writing, setting forth the grounds of any such objections. All objections should be sworn to before a notary public or before a probate court clerk, and filing fees must be tendered with your objections, unless you qualify to file as an indigent party. If no objections are filed, the petition may be granted without a hearing.

Kenya M. Johnson, Judge of the Probate Court. By: Lillian Scruggs.

10:1,8,15,22-KIM

All objections to the petition must be in writing, setting forth the grounds of any such objections. All objections should be sworn to before a notary public or before a probate court clerk, and filing fees must be tendered with your objections, unless you qualify to file as an indigent party. If no objections are filed, the petition may be granted without a hearing.

Kenya M. Johnson, Judge of the Probate Court. By: Lillian Scruggs.

10:1,8,15,22-KIM

All objections to the petition must be in writing, setting forth the grounds of any such objections. All objections should be sworn to before a notary public or before a probate court clerk, and filing fees must be tendered with your objections, unless you qualify to file as an indigent party. If no objections are filed, the petition may be granted without a hearing.

Kenya M. Johnson, Judge of the Probate Court. By: Lillian Scruggs.

10:1,8,15,22-KIM

All objections to the petition must be in writing, setting forth the grounds of any such objections. All objections should be sworn to before a notary public or before a probate court clerk, and filing fees must be tendered with your objections, unless you qualify to file as an indigent party. If no objections are filed, the petition may be granted without a hearing.

Kenya M. Johnson, Judge of the Probate Court. By: Lillian Scruggs.

10:1,8,15,22-KIM

All objections to the petition must be in writing, setting forth the grounds of any such objections. All objections should be sworn to before a notary public or before a probate court clerk, and filing fees must be tendered with your objections, unless you qualify to file as an indigent party. If no objections are filed, the petition may be granted without a hearing.

Kenya M. Johnson, Judge of the Probate Court. By: Lillian Scruggs.

10:1,8,15,22-KIM

All objections to the petition must be in writing, setting forth the grounds of any such objections. All objections should be sworn to before a notary public or before a probate court clerk, and filing fees must be tendered with your objections, unless you qualify to file as an indigent party. If no objections are filed, the petition may be granted without a hearing.

Kenya M. Johnson, Judge of the Probate Court. By: Lillian Scruggs.

10:1,8,15,22-KIM

All objections to the petition must be in writing, setting forth the grounds of any such objections. All objections should be sworn to before a notary public or before a probate court clerk, and filing fees must be tendered with your objections, unless you qualify to file as an indigent party. If no objections are filed, the petition may be granted without a hearing.

Kenya M. Johnson, Judge of the Probate Court. By: Lillian Scruggs.

10:1,8,15,22-KIM

All objections to the petition must be in writing, setting forth the grounds of any such objections. All objections should be sworn to before a notary public or before a probate court clerk, and filing fees must be tendered with your objections, unless you qualify to file as an indigent party. If no objections are filed, the petition may be granted without a hearing.

Kenya M. Johnson, Judge of the Probate Court. By: Lillian Scruggs.

10:1,8,15,22-KIM

All objections to the petition must be in writing, setting forth the grounds of any such objections. All objections should be sworn to before a notary public or before a probate court clerk, and filing fees must be tendered with your objections, unless you qualify to file as an indigent party. If no objections are filed, the petition may be granted without a hearing.

Kenya M. Johnson, Judge of the Probate Court. By: Lillian Scruggs.

10:1,8,15,22-KIM

All objections to the petition must be in writing, setting forth the grounds of any such objections. All objections should be sworn to before a notary public or before a probate court clerk, and filing fees must be tendered with your objections, unless you qualify to file as an indigent party. If no objections are filed, the petition may be granted without a hearing.

Kenya M. Johnson, Judge of the Probate Court. By: Lillian Scruggs.

10:1,8,15,22-KIM

All objections to the petition must be in writing, setting forth the grounds of any such objections. All objections should be sworn to before a notary public or before a probate court clerk, and filing fees must be tendered with your objections, unless you qualify to file as an indigent party. If no objections are filed, the petition may be granted without a hearing.

Kenya M. Johnson, Judge of the Probate Court. By: Lillian Scruggs.

10:1,8,15,22-KIM

All objections to the petition must be in writing, setting forth the grounds of any such objections. All objections should be sworn to before a notary public or before a probate court clerk, and filing fees must be tendered with your objections, unless you qualify to file as an indigent party. If no objections are filed, the petition may be granted without a hearing.

Kenya M. Johnson, Judge of the Probate Court. By: Lillian Scruggs.

10:1,8,15,22-KIM

All objections to the petition must be in writing, setting forth the grounds of any such objections. All objections should be sworn to before a notary public or before a probate court clerk, and filing fees must be tendered with your objections, unless you qualify to file as an indigent party. If no objections are filed, the petition may be granted without a hearing.

Kenya M. Johnson, Judge of the Probate Court. By: Lillian Scruggs.

10:1,8,15,22-KIM
